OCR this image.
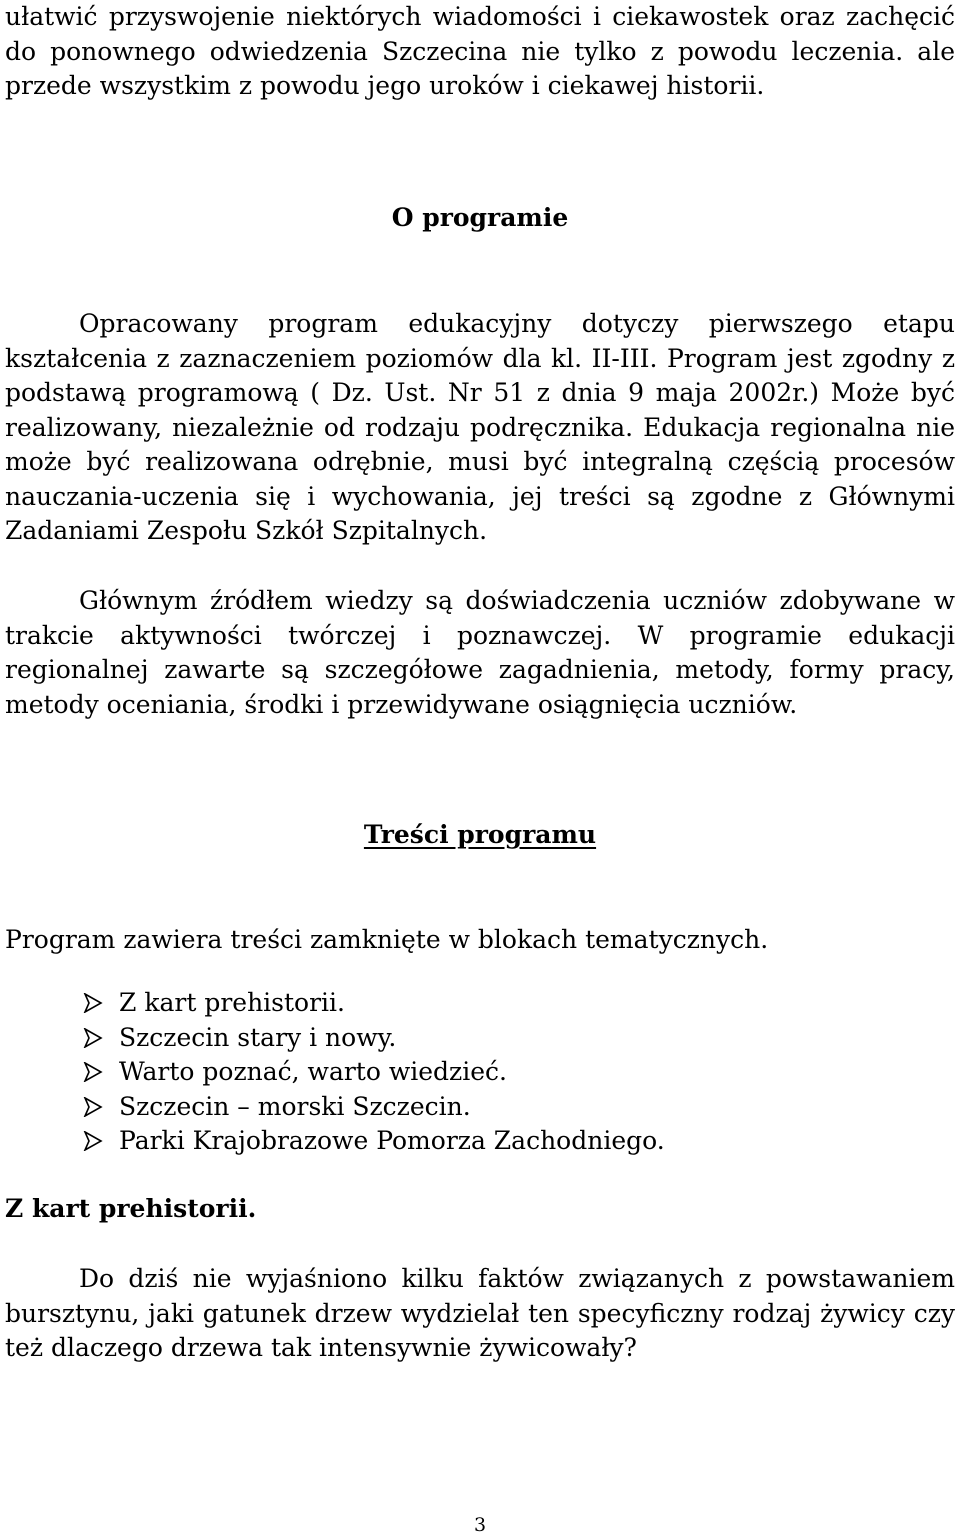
ułatwić przyswojenie niektórych wiadomości i ciekawostek oraz zachęcić do ponownego odwiedzenia Szczecina nie tylko z powodu leczenia. ale przede wszystkim z powodu jego uroków i ciekawej historii.

O programie

Opracowany program edukacyjny dotyczy pierwszego etapu kształcenia z zaznaczeniem poziomów dla kl. II-III. Program jest zgodny z podstawą programową ( Dz. Ust. Nr 51 z dnia 9 maja 2002r.) Może być realizowany, niezależnie od rodzaju podręcznika. Edukacja regionalna nie może być realizowana odrębnie, musi być integralną częścią procesów nauczania-uczenia się i wychowania, jej treści są zgodne z Głównymi Zadaniami Zespołu Szkół Szpitalnych.

Głównym źródłem wiedzy są doświadczenia uczniów zdobywane w trakcie aktywności twórczej i poznawczej. W programie edukacji regionalnej zawarte są szczegółowe zagadnienia, metody, formy pracy, metody oceniania, środki i przewidywane osiągnięcia uczniów.

Treści programu

Program zawiera treści zamknięte w blokach tematycznych.

Z kart prehistorii.
Szczecin stary i nowy.
Warto poznać, warto wiedzieć.
Szczecin – morski Szczecin.
Parki Krajobrazowe Pomorza Zachodniego.
Z kart prehistorii.

Do dziś nie wyjaśniono kilku faktów związanych z powstawaniem bursztynu, jaki gatunek drzew wydzielał ten specyficzny rodzaj żywicy czy też dlaczego drzewa tak intensywnie żywicowały?

3
